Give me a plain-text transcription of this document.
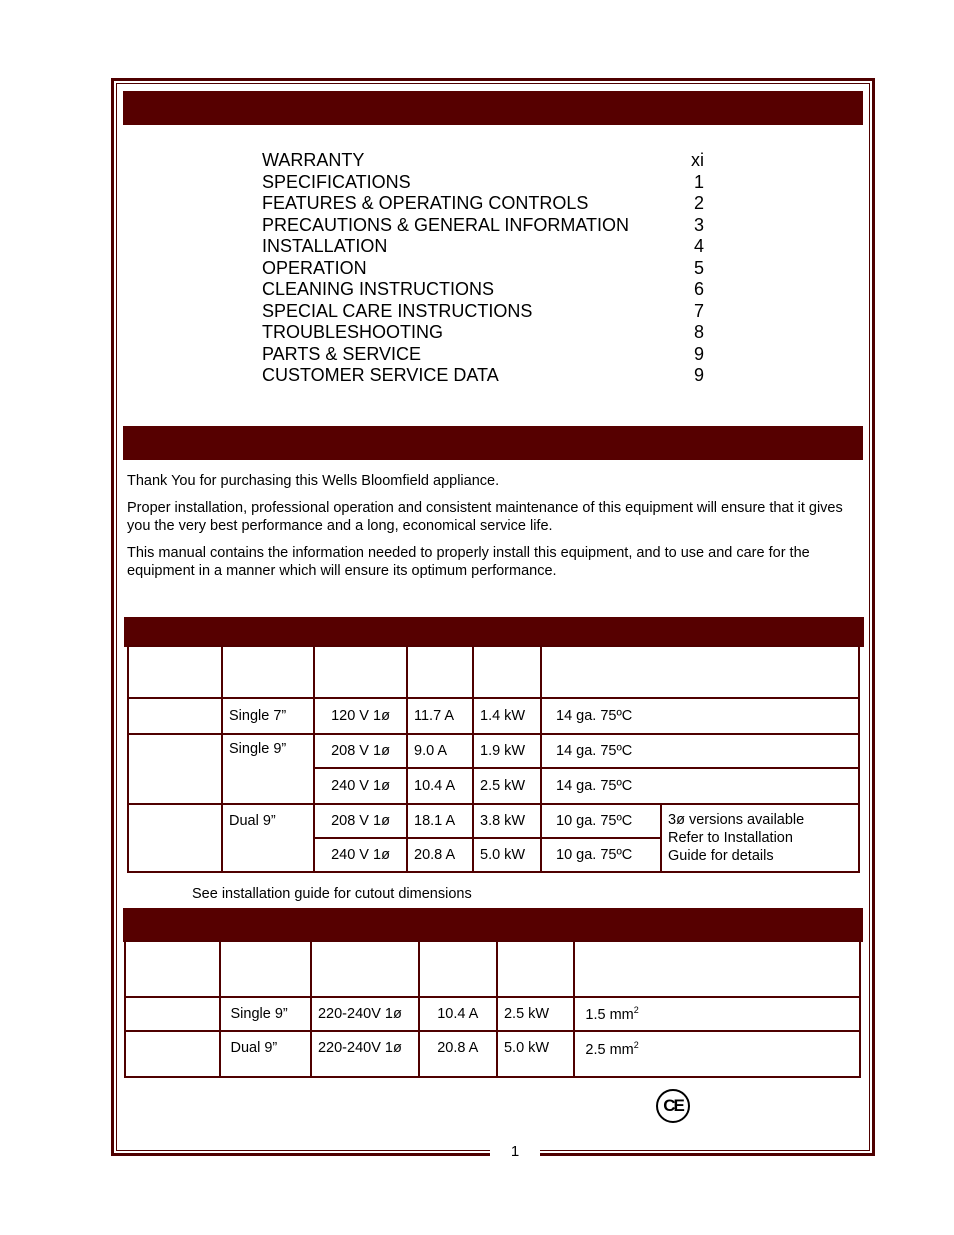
1
WARRANTY	xi
SPECIFICATIONS	1
FEATURES & OPERATING CONTROLS	2
PRECAUTIONS & GENERAL INFORMATION	3
INSTALLATION	4
OPERATION	5
CLEANING INSTRUCTIONS	6
SPECIAL CARE INSTRUCTIONS	7
TROUBLESHOOTING	8
PARTS & SERVICE	9
CUSTOMER SERVICE DATA	9

Thank You for purchasing this Wells Bloomfield appliance.

Proper installation, professional operation and consistent maintenance of this equipment will ensure that it gives you the very best performance and a long, economical service life.

This manual contains the information needed to properly install this equipment, and to use and care for the equipment in a manner which will ensure its optimum performance.

	Single 7”	120 V 1ø	11.7 A	1.4 kW	14 ga. 75ºC	
	Single 9”	208 V 1ø	9.0 A	1.9 kW	14 ga. 75ºC	
		240 V 1ø	10.4 A	2.5 kW	14 ga. 75ºC	
	Dual 9”	208 V 1ø	18.1 A	3.8 kW	10 ga. 75ºC	3ø versions available
Refer to Installation
Guide for details

		240 V 1ø	20.8 A	5.0 kW	10 ga. 75ºC	
See installation guide for cutout dimensions

	Single 9”	220-240V 1ø	10.4 A	2.5 kW	1.5 $mm^2$
	Dual 9”	220-240V 1ø	20.8 A	5.0 kW	2.5 $mm^2$
CE
